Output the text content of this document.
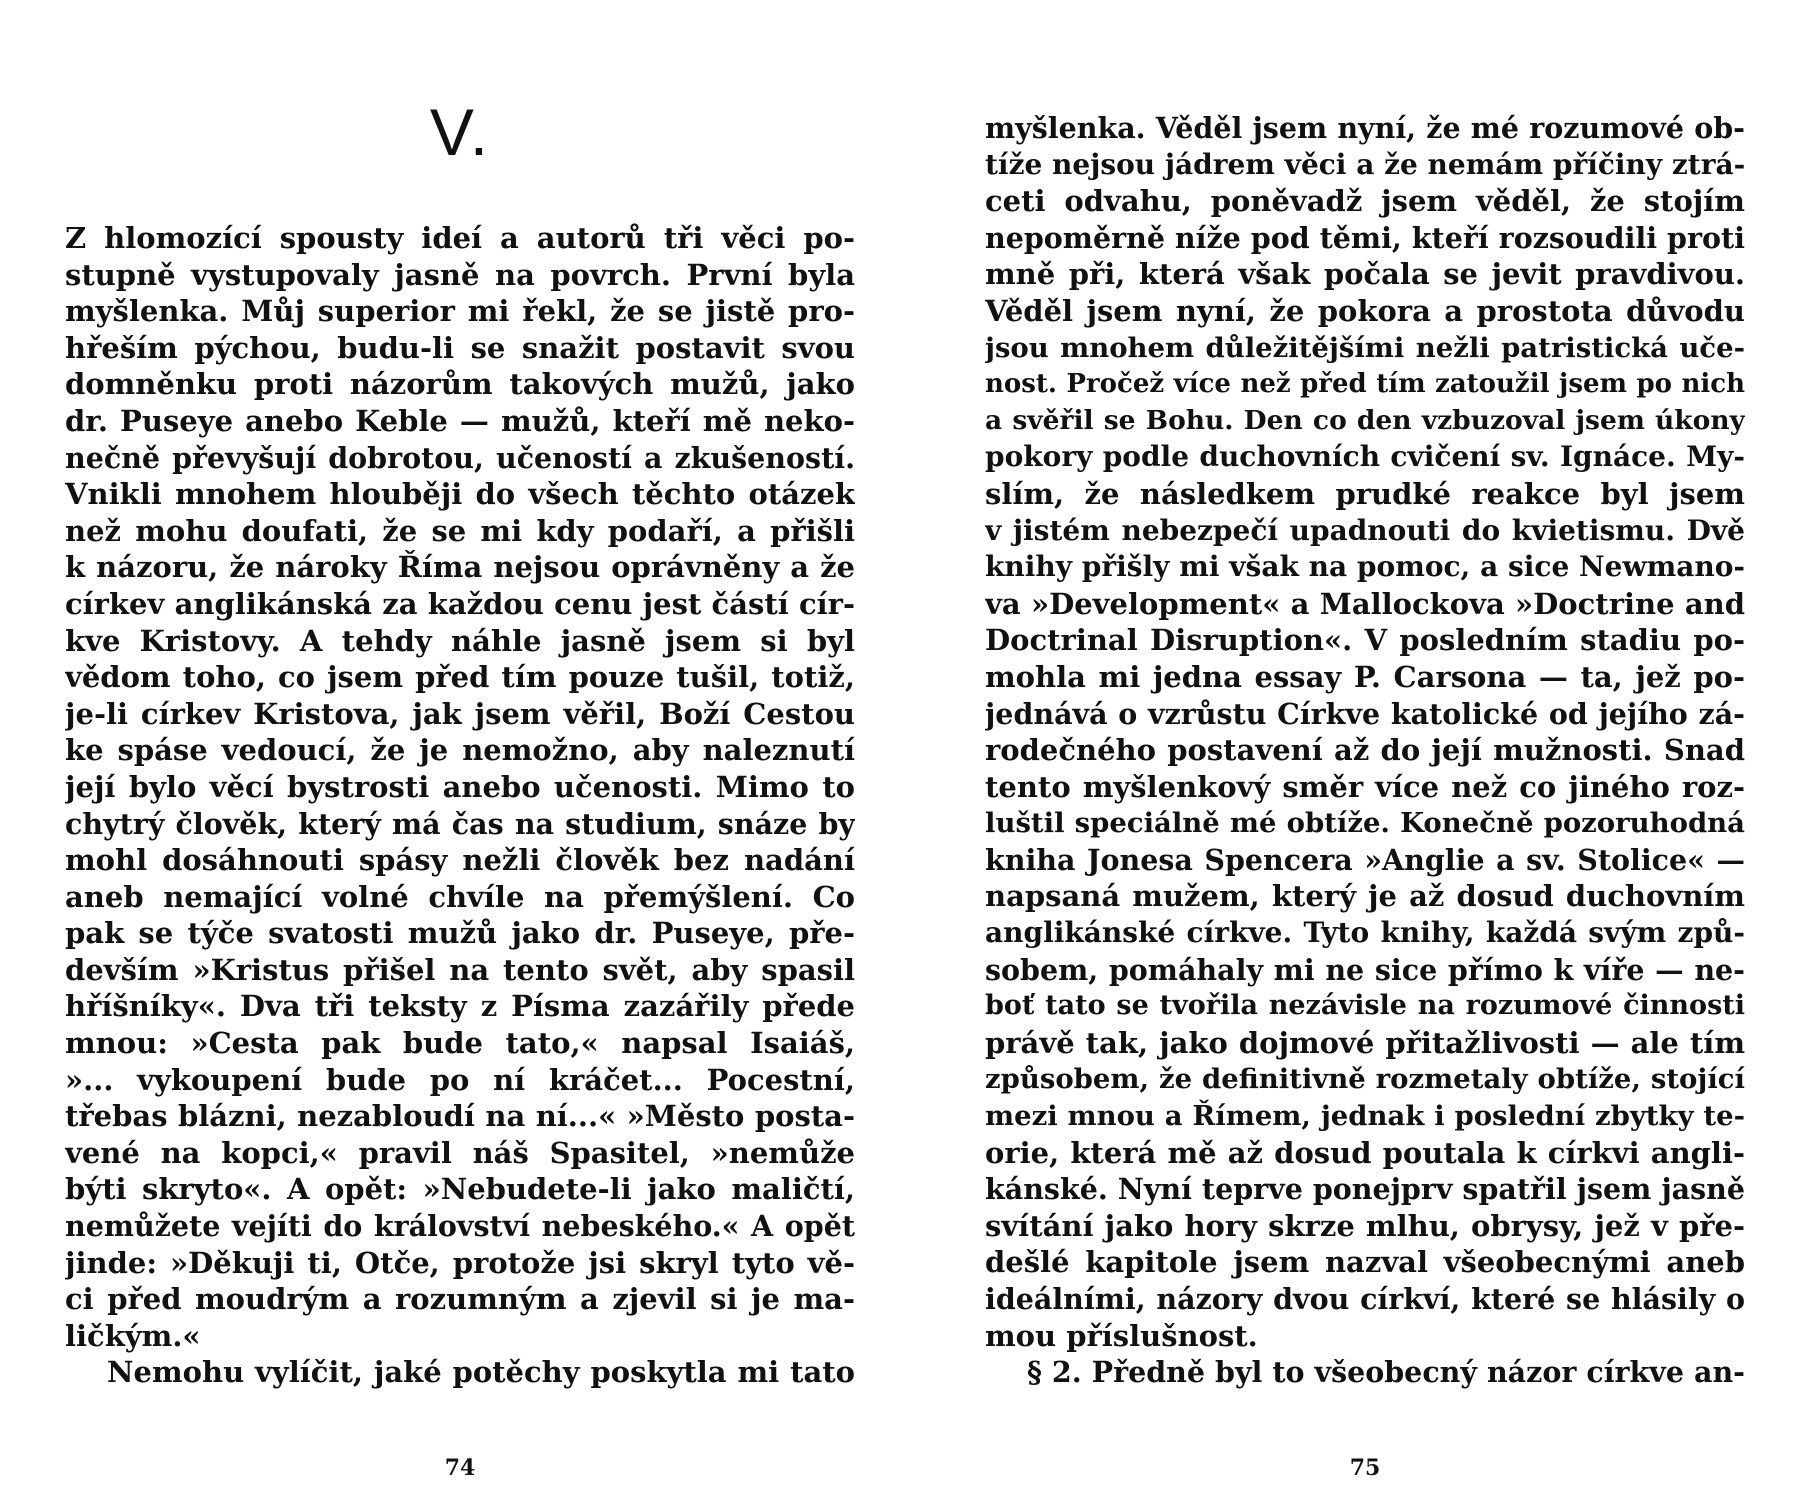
V.
Z hlomozící spousty ideí a autorů tři věci po-
stupně vystupovaly jasně na povrch. První byla
myšlenka. Můj superior mi řekl, že se jistě pro-
hřeším pýchou, budu-li se snažit postavit svou
domněnku proti názorům takových mužů, jako
dr. Puseye anebo Keble — mužů, kteří mě neko-
nečně převyšují dobrotou, učeností a zkušeností.
Vnikli mnohem hlouběji do všech těchto otázek
než mohu doufati, že se mi kdy podaří, a přišli
k názoru, že nároky Říma nejsou oprávněny a že
církev anglikánská za každou cenu jest částí cír-
kve Kristovy. A tehdy náhle jasně jsem si byl
vědom toho, co jsem před tím pouze tušil, totiž,
je-li církev Kristova, jak jsem věřil, Boží Cestou
ke spáse vedoucí, že je nemožno, aby naleznutí
její bylo věcí bystrosti anebo učenosti. Mimo to
chytrý člověk, který má čas na studium, snáze by
mohl dosáhnouti spásy nežli člověk bez nadání
aneb nemající volné chvíle na přemýšlení. Co
pak se týče svatosti mužů jako dr. Puseye, pře-
devším »Kristus přišel na tento svět, aby spasil
hříšníky«. Dva tři teksty z Písma zazářily přede
mnou: »Cesta pak bude tato,« napsal Isaiáš,
»... vykoupení bude po ní kráčet... Pocestní,
třebas blázni, nezabloudí na ní...« »Město posta-
vené na kopci,« pravil náš Spasitel, »nemůže
býti skryto«. A opět: »Nebudete-li jako maličtí,
nemůžete vejíti do království nebeského.« A opět
jinde: »Děkuji ti, Otče, protože jsi skryl tyto vě-
ci před moudrým a rozumným a zjevil si je ma-
ličkým.«
Nemohu vylíčit, jaké potěchy poskytla mi tato
74
myšlenka. Věděl jsem nyní, že mé rozumové ob-
tíže nejsou jádrem věci a že nemám příčiny ztrá-
ceti odvahu, poněvadž jsem věděl, že stojím
nepoměrně níže pod těmi, kteří rozsoudili proti
mně při, která však počala se jevit pravdivou.
Věděl jsem nyní, že pokora a prostota důvodu
jsou mnohem důležitějšími nežli patristická uče-
nost. Pročež více než před tím zatoužil jsem po nich
a svěřil se Bohu. Den co den vzbuzoval jsem úkony
pokory podle duchovních cvičení sv. Ignáce. My-
slím, že následkem prudké reakce byl jsem
v jistém nebezpečí upadnouti do kvietismu. Dvě
knihy přišly mi však na pomoc, a sice Newmano-
va »Development« a Mallockova »Doctrine and
Doctrinal Disruption«. V posledním stadiu po-
mohla mi jedna essay P. Carsona — ta, jež po-
jednává o vzrůstu Církve katolické od jejího zá-
rodečného postavení až do její mužnosti. Snad
tento myšlenkový směr více než co jiného roz-
luštil speciálně mé obtíže. Konečně pozoruhodná
kniha Jonesa Spencera »Anglie a sv. Stolice« —
napsaná mužem, který je až dosud duchovním
anglikánské církve. Tyto knihy, každá svým způ-
sobem, pomáhaly mi ne sice přímo k víře — ne-
boť tato se tvořila nezávisle na rozumové činnosti
právě tak, jako dojmové přitažlivosti — ale tím
způsobem, že definitivně rozmetaly obtíže, stojící
mezi mnou a Římem, jednak i poslední zbytky te-
orie, která mě až dosud poutala k církvi angli-
kánské. Nyní teprve ponejprv spatřil jsem jasně
svítání jako hory skrze mlhu, obrysy, jež v pře-
dešlé kapitole jsem nazval všeobecnými aneb
ideálními, názory dvou církví, které se hlásily o
mou příslušnost.
§ 2. Předně byl to všeobecný názor církve an-
75
